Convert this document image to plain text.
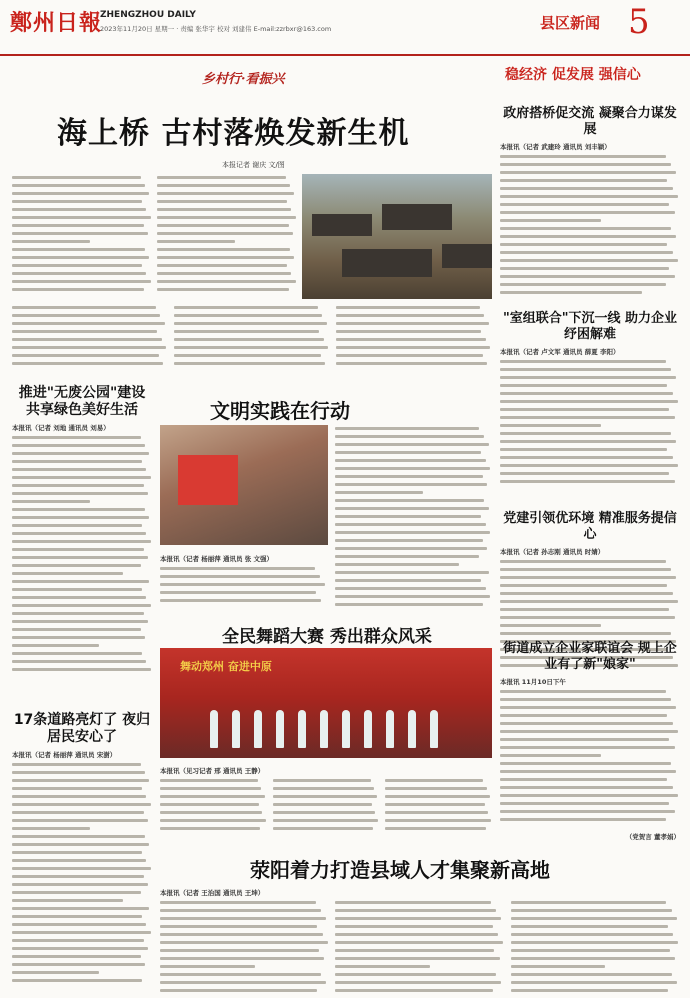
鄭州日報
ZHENGZHOU DAILY
2023年11月20日 星期一 · 责编 张华宇 校对 刘建伟 E-mail:zzrbxr@163.com	县区新闻 5
稳经济 促发展 强信心
乡村行·看振兴
海上桥 古村落焕发新生机
本报记者 谢庆 文/图
推进"无废公园"建设 共享绿色美好生活
本报讯（记者 刘地 通讯员 刘易）
17条道路亮灯了 夜归居民安心了
本报讯（记者 杨丽萍 通讯员 宋澍）
文明实践在行动
本报讯（记者 杨丽萍 通讯员 张 文强）
全民舞蹈大赛 秀出群众风采
舞动郑州 奋进中原
本报讯（见习记者 邢 通讯员 王静）
荥阳着力打造县域人才集聚新高地
本报讯（记者 王治国 通讯员 王坤）
政府搭桥促交流 凝聚合力谋发展
本报讯（记者 武建玲 通讯员 刘丰颖）
"室组联合"下沉一线 助力企业纾困解难
本报讯（记者 卢文军 通讯员 薛夏 李阳）
党建引领优环境 精准服务提信心
本报讯（记者 孙志刚 通讯员 时婧）
街道成立企业家联谊会 规上企业有了新"娘家"
本报讯 11月10日下午
（党贺言 董孝娟）
